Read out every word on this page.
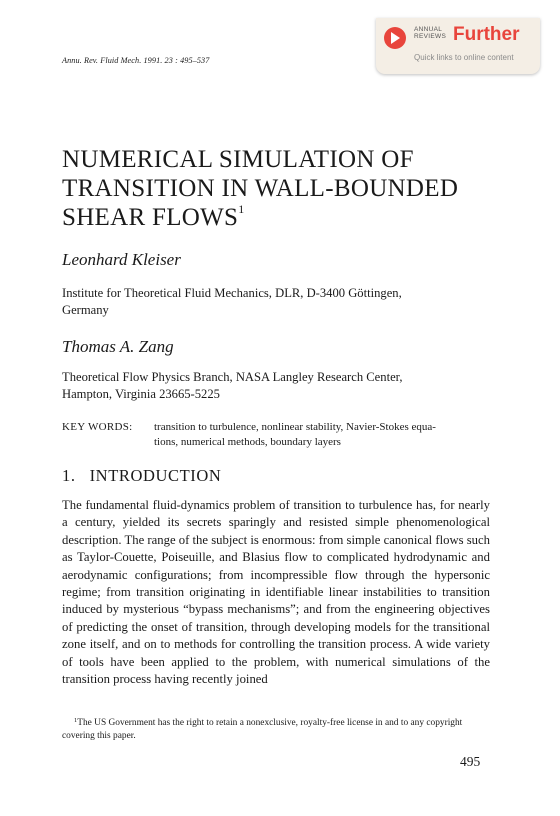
Annu. Rev. Fluid Mech. 1991. 23 : 495–537
ANNUAL
REVIEWS Further
Quick links to online content
NUMERICAL SIMULATION OF
TRANSITION IN WALL-BOUNDED
SHEAR FLOWS$^1$
Leonhard Kleiser
Institute for Theoretical Fluid Mechanics, DLR, D-3400 Göttingen,
Germany
Thomas A. Zang
Theoretical Flow Physics Branch, NASA Langley Research Center,
Hampton, Virginia 23665-5225
KEY WORDS: transition to turbulence, nonlinear stability, Navier-Stokes equa-
tions, numerical methods, boundary layers
1. INTRODUCTION
The fundamental fluid-dynamics problem of transition to turbulence has, for nearly a century, yielded its secrets sparingly and resisted simple phenomenological description. The range of the subject is enormous: from simple canonical flows such as Taylor-Couette, Poiseuille, and Blasius flow to complicated hydrodynamic and aerodynamic configurations; from incompressible flow through the hypersonic regime; from transition originating in identifiable linear instabilities to transition induced by mysterious “bypass mechanisms”; and from the engineering objectives of predicting the onset of transition, through developing models for the transitional zone itself, and on to methods for controlling the transition process. A wide variety of tools have been applied to the problem, with numerical simulations of the transition process having recently joined
$^1$The US Government has the right to retain a nonexclusive, royalty-free license in and to any copyright covering this paper.
495
